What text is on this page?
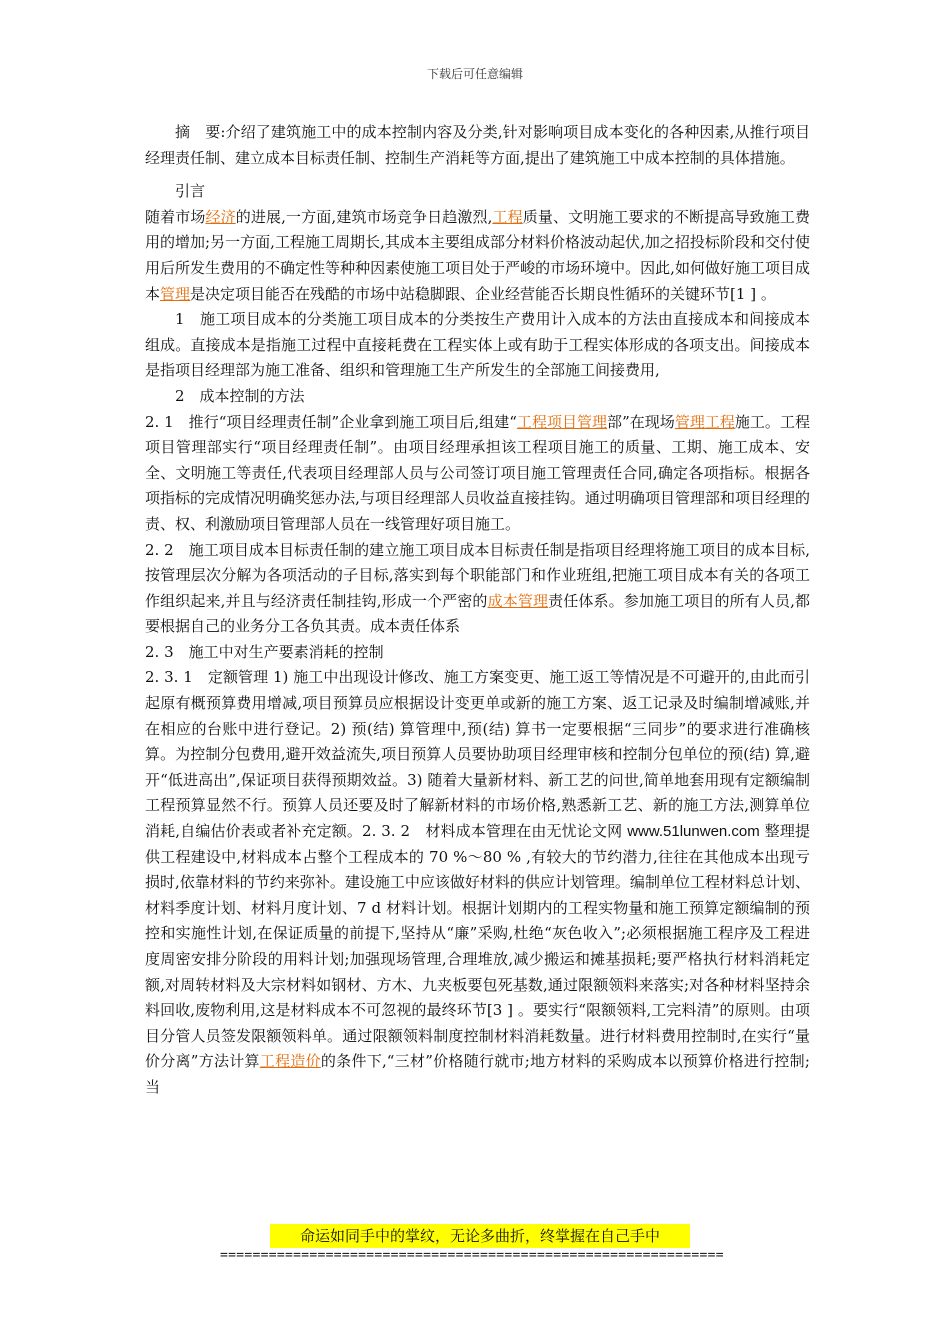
下载后可任意编辑

摘　要:介绍了建筑施工中的成本控制内容及分类,针对影响项目成本变化的各种因素,从推行项目经理责任制、建立成本目标责任制、控制生产消耗等方面,提出了建筑施工中成本控制的具体措施。

引言

随着市场经济的进展,一方面,建筑市场竞争日趋激烈,工程质量、文明施工要求的不断提高导致施工费用的增加;另一方面,工程施工周期长,其成本主要组成部分材料价格波动起伏,加之招投标阶段和交付使用后所发生费用的不确定性等种种因素使施工项目处于严峻的市场环境中。因此,如何做好施工项目成本管理是决定项目能否在残酷的市场中站稳脚跟、企业经营能否长期良性循环的关键环节[1 ] 。

1　施工项目成本的分类施工项目成本的分类按生产费用计入成本的方法由直接成本和间接成本组成。直接成本是指施工过程中直接耗费在工程实体上或有助于工程实体形成的各项支出。间接成本是指项目经理部为施工准备、组织和管理施工生产所发生的全部施工间接费用,

2　成本控制的方法

2. 1　推行“项目经理责任制”企业拿到施工项目后,组建“工程项目管理部”在现场管理工程施工。工程项目管理部实行“项目经理责任制”。由项目经理承担该工程项目施工的质量、工期、施工成本、安全、文明施工等责任,代表项目经理部人员与公司签订项目施工管理责任合同,确定各项指标。根据各项指标的完成情况明确奖惩办法,与项目经理部人员收益直接挂钩。通过明确项目管理部和项目经理的责、权、利激励项目管理部人员在一线管理好项目施工。

2. 2　施工项目成本目标责任制的建立施工项目成本目标责任制是指项目经理将施工项目的成本目标,按管理层次分解为各项活动的子目标,落实到每个职能部门和作业班组,把施工项目成本有关的各项工作组织起来,并且与经济责任制挂钩,形成一个严密的成本管理责任体系。参加施工项目的所有人员,都要根据自己的业务分工各负其责。成本责任体系

2. 3　施工中对生产要素消耗的控制

2. 3. 1　定额管理 1) 施工中出现设计修改、施工方案变更、施工返工等情况是不可避开的,由此而引起原有概预算费用增减,项目预算员应根据设计变更单或新的施工方案、返工记录及时编制增减账,并在相应的台账中进行登记。2) 预(结) 算管理中,预(结) 算书一定要根据“三同步”的要求进行准确核算。为控制分包费用,避开效益流失,项目预算人员要协助项目经理审核和控制分包单位的预(结) 算,避开“低进高出”,保证项目获得预期效益。3) 随着大量新材料、新工艺的问世,简单地套用现有定额编制工程预算显然不行。预算人员还要及时了解新材料的市场价格,熟悉新工艺、新的施工方法,测算单位消耗,自编估价表或者补充定额。2. 3. 2　材料成本管理在由无忧论文网 www.51lunwen.com 整理提供工程建设中,材料成本占整个工程成本的 70 %～80 % ,有较大的节约潜力,往往在其他成本出现亏损时,依靠材料的节约来弥补。建设施工中应该做好材料的供应计划管理。编制单位工程材料总计划、材料季度计划、材料月度计划、7 d 材料计划。根据计划期内的工程实物量和施工预算定额编制的预控和实施性计划,在保证质量的前提下,坚持从“廉”采购,杜绝“灰色收入”;必须根据施工程序及工程进度周密安排分阶段的用料计划;加强现场管理,合理堆放,减少搬运和摊基损耗;要严格执行材料消耗定额,对周转材料及大宗材料如钢材、方木、九夹板要包死基数,通过限额领料来落实;对各种材料坚持余料回收,废物利用,这是材料成本不可忽视的最终环节[3 ] 。要实行“限额领料,工完料清”的原则。由项目分管人员签发限额领料单。通过限额领料制度控制材料消耗数量。进行材料费用控制时,在实行“量价分离”方法计算工程造价的条件下,“三材”价格随行就市;地方材料的采购成本以预算价格进行控制;当

命运如同手中的掌纹，无论多曲折，终掌握在自己手中
==============================================================
